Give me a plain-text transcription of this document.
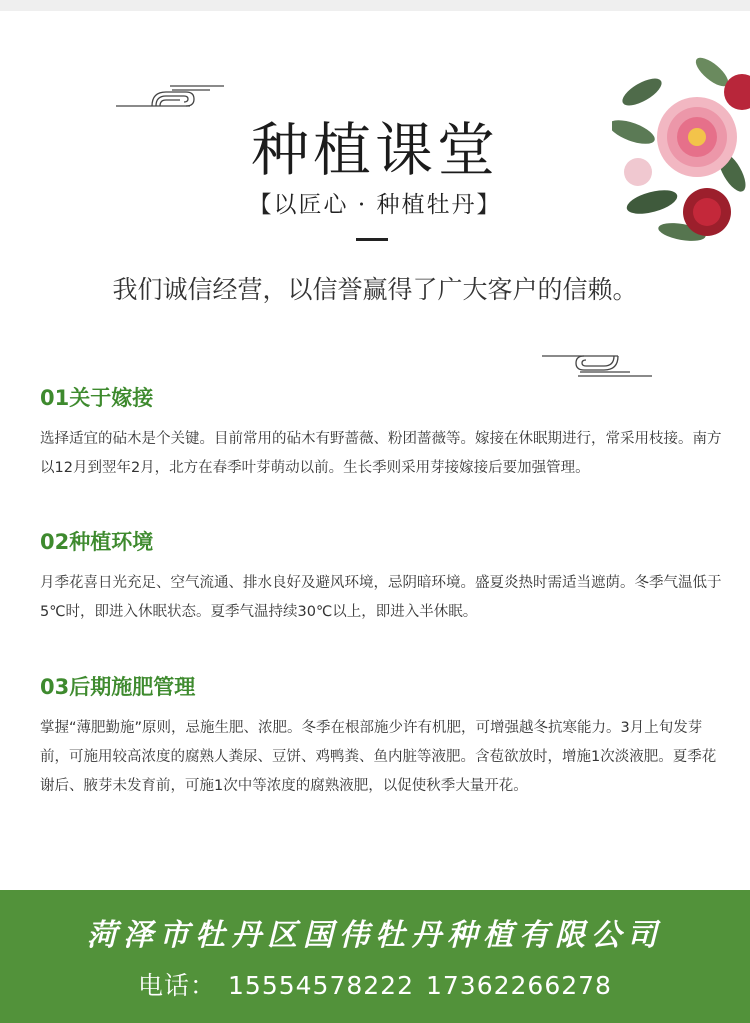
种植课堂
【以匠心 · 种植牡丹】
我们诚信经营，以信誉赢得了广大客户的信赖。
01关于嫁接

选择适宜的砧木是个关键。目前常用的砧木有野蔷薇、粉团蔷薇等。嫁接在休眠期进行，常采用枝接。南方以12月到翌年2月，北方在春季叶芽萌动以前。生长季则采用芽接嫁接后要加强管理。

02种植环境

月季花喜日光充足、空气流通、排水良好及避风环境，忌阴暗环境。盛夏炎热时需适当遮荫。冬季气温低于5℃时，即进入休眠状态。夏季气温持续30℃以上，即进入半休眠。

03后期施肥管理

掌握“薄肥勤施”原则，忌施生肥、浓肥。冬季在根部施少许有机肥，可增强越冬抗寒能力。3月上旬发芽前，可施用较高浓度的腐熟人粪尿、豆饼、鸡鸭粪、鱼内脏等液肥。含苞欲放时，增施1次淡液肥。夏季花谢后、腋芽未发育前，可施1次中等浓度的腐熟液肥，以促使秋季大量开花。

菏泽市牡丹区国伟牡丹种植有限公司
电话： 15554578222 17362266278
